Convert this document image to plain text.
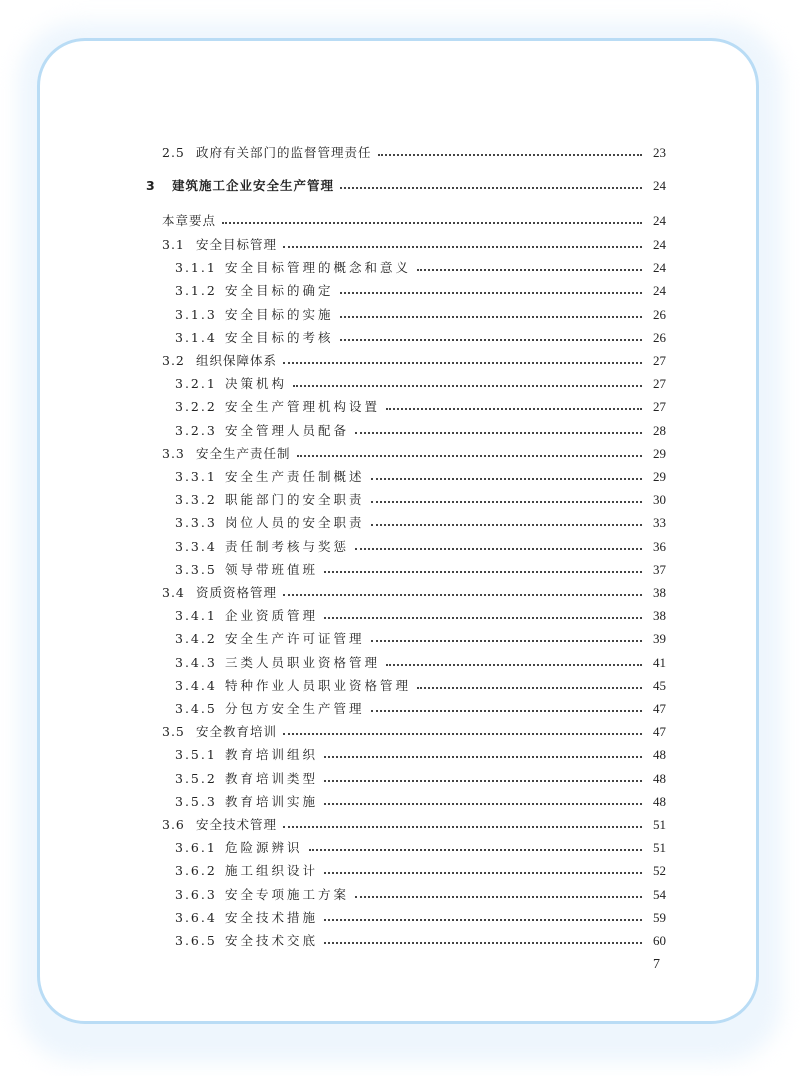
2.5 政府有关部门的监督管理责任	23
3 建筑施工企业安全生产管理	24
本章要点	24
3.1 安全目标管理	24
3.1.1 安全目标管理的概念和意义	24
3.1.2 安全目标的确定	24
3.1.3 安全目标的实施	26
3.1.4 安全目标的考核	26
3.2 组织保障体系	27
3.2.1 决策机构	27
3.2.2 安全生产管理机构设置	27
3.2.3 安全管理人员配备	28
3.3 安全生产责任制	29
3.3.1 安全生产责任制概述	29
3.3.2 职能部门的安全职责	30
3.3.3 岗位人员的安全职责	33
3.3.4 责任制考核与奖惩	36
3.3.5 领导带班值班	37
3.4 资质资格管理	38
3.4.1 企业资质管理	38
3.4.2 安全生产许可证管理	39
3.4.3 三类人员职业资格管理	41
3.4.4 特种作业人员职业资格管理	45
3.4.5 分包方安全生产管理	47
3.5 安全教育培训	47
3.5.1 教育培训组织	48
3.5.2 教育培训类型	48
3.5.3 教育培训实施	48
3.6 安全技术管理	51
3.6.1 危险源辨识	51
3.6.2 施工组织设计	52
3.6.3 安全专项施工方案	54
3.6.4 安全技术措施	59
3.6.5 安全技术交底	60
7
